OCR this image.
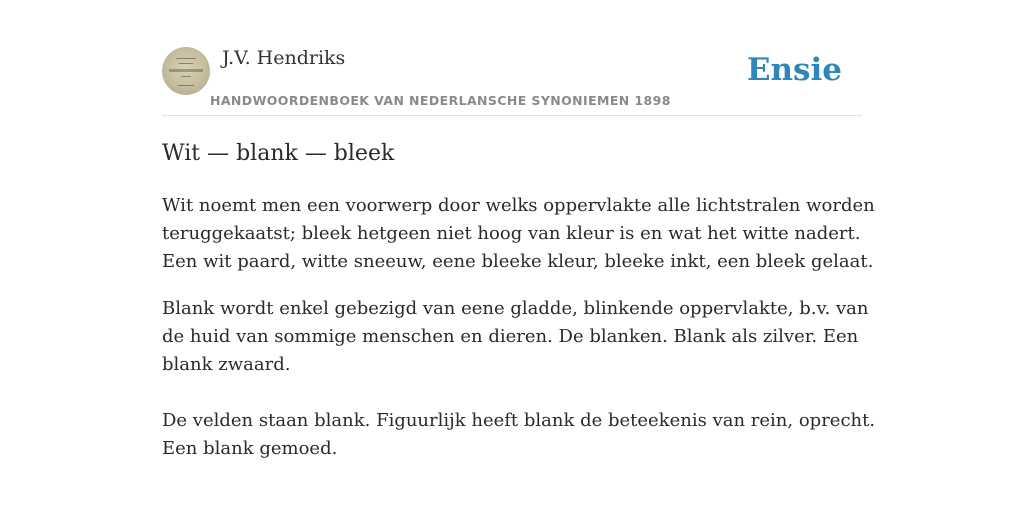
J.V. Hendriks
HANDWOORDENBOEK VAN NEDERLANSCHE SYNONIEMEN 1898
Ensie
Wit — blank — bleek

Wit noemt men een voorwerp door welks oppervlakte alle lichtstralen worden teruggekaatst; bleek hetgeen niet hoog van kleur is en wat het witte nadert. Een wit paard, witte sneeuw, eene bleeke kleur, bleeke inkt, een bleek gelaat.

Blank wordt enkel gebezigd van eene gladde, blinkende oppervlakte, b.v. van de huid van sommige menschen en dieren. De blanken. Blank als zilver. Een blank zwaard.

De velden staan blank. Figuurlijk heeft blank de beteekenis van rein, oprecht. Een blank gemoed.
